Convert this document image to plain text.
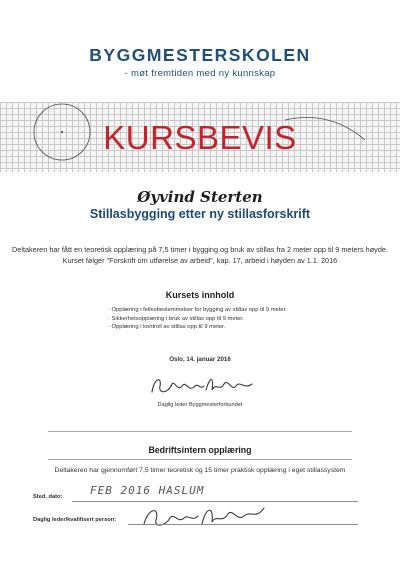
BYGGMESTERSKOLEN
- møt fremtiden med ny kunnskap
KURSBEVIS
Øyvind Sterten
Stillasbygging etter ny stillasforskrift
Deltakeren har fått en teoretisk opplæring på 7,5 timer i bygging og bruk av stillas fra 2 meter opp til 9 meters høyde. Kurset følger "Forskrift om utførelse av arbeid", kap. 17, arbeid i høyden av 1.1. 2016
Kursets innhold
· Opplæring i fellesbestemmelser for bygging av stillas opp til 9 meter.
· Sikkerhetsopplæring i bruk av stillas opp til 9 meter.
· Opplæring i kontroll av stillas opp til 9 meter.
Oslo, 14. januar 2016
Daglig leder Byggmesterforbundet
Bedriftsintern opplæring
Deltakeren har gjennomført 7,5 timer teoretisk og 15 timer praktisk opplæring i eget stillassystem
Sted, dato:	FEB 2016 HASLUM
Daglig leder/kvalifisert person:
